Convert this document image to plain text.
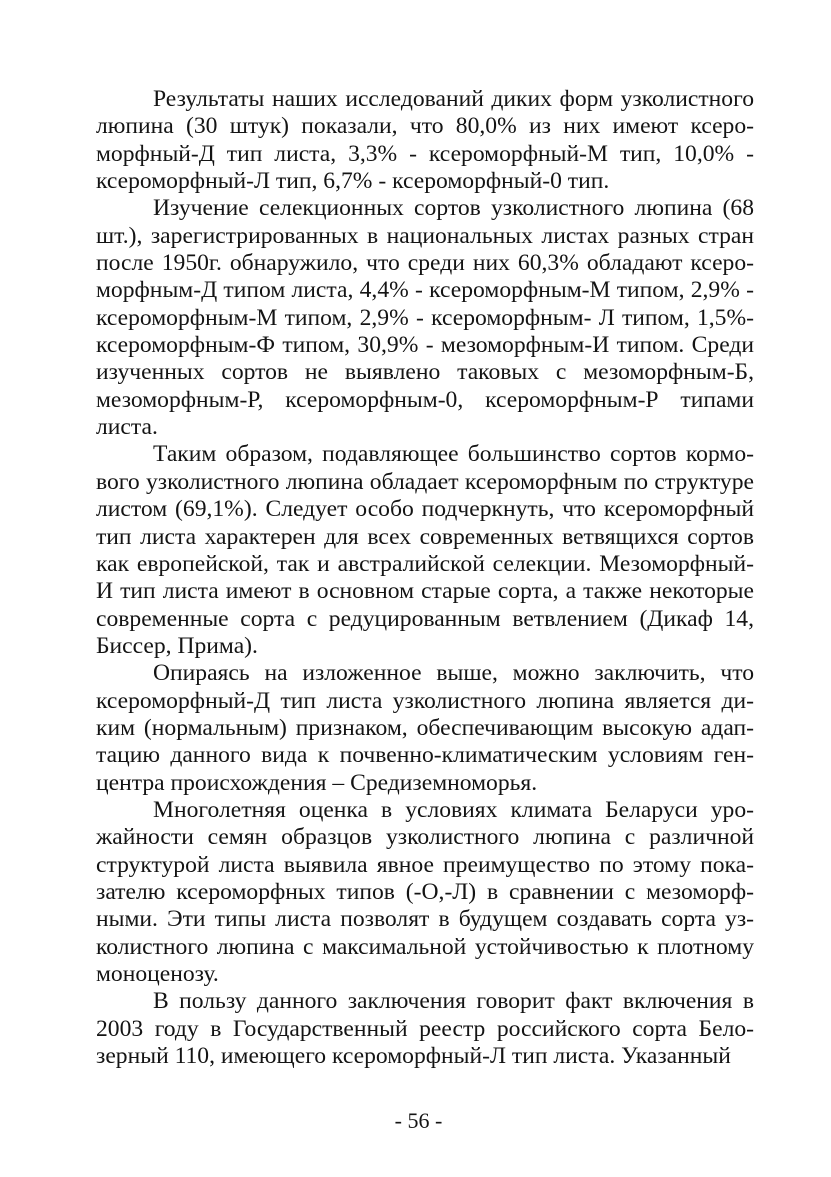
Результаты наших исследований диких форм узколистного люпина (30 штук) показали, что 80,0% из них имеют ксероморфный-Д тип листа, 3,3% - ксероморфный-М тип, 10,0% - ксероморфный-Л тип, 6,7% - ксероморфный-0 тип.

Изучение селекционных сортов узколистного люпина (68 шт.), зарегистрированных в национальных листах разных стран после 1950г. обнаружило, что среди них 60,3% обладают ксероморфным-Д типом листа, 4,4% - ксероморфным-М типом, 2,9% - ксероморфным-М типом, 2,9% - ксероморфным- Л типом, 1,5%- ксероморфным-Ф типом, 30,9% - мезоморфным-И типом. Среди изученных сортов не выявлено таковых с мезоморфным-Б, мезоморфным-Р, ксероморфным-0, ксероморфным-Р типами листа.

Таким образом, подавляющее большинство сортов кормового узколистного люпина обладает ксероморфным по структуре листом (69,1%). Следует особо подчеркнуть, что ксероморфный тип листа характерен для всех современных ветвящихся сортов как европейской, так и австралийской селекции. Мезоморфный-И тип листа имеют в основном старые сорта, а также некоторые современные сорта с редуцированным ветвлением (Дикаф 14, Биссер, Прима).

Опираясь на изложенное выше, можно заключить, что ксероморфный-Д тип листа узколистного люпина является диким (нормальным) признаком, обеспечивающим высокую адаптацию данного вида к почвенно-климатическим условиям генцентра происхождения – Средиземноморья.

Многолетняя оценка в условиях климата Беларуси урожайности семян образцов узколистного люпина с различной структурой листа выявила явное преимущество по этому показателю ксероморфных типов (-О,-Л) в сравнении с мезоморфными. Эти типы листа позволят в будущем создавать сорта узколистного люпина с максимальной устойчивостью к плотному моноценозу.

В пользу данного заключения говорит факт включения в 2003 году в Государственный реестр российского сорта Белозерный 110, имеющего ксероморфный-Л тип листа. Указанный

- 56 -
